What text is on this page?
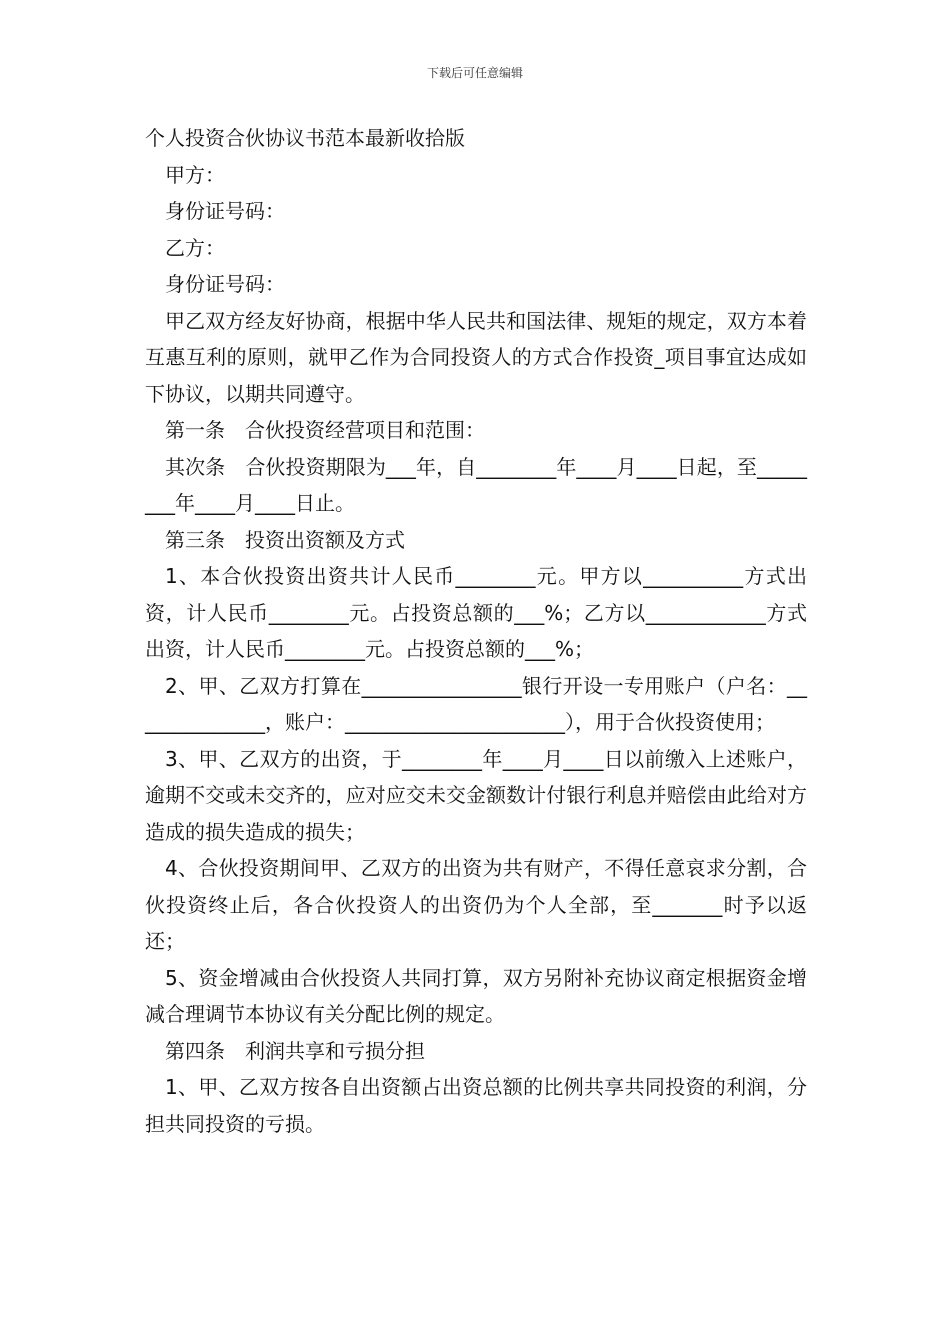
下载后可任意编辑
个人投资合伙协议书范本最新收拾版

甲方：

身份证号码：

乙方：

身份证号码：

甲乙双方经友好协商，根据中华人民共和国法律、规矩的规定，双方本着互惠互利的原则，就甲乙作为合同投资人的方式合作投资_项目事宜达成如下协议，以期共同遵守。

第一条　合伙投资经营项目和范围：

其次条　合伙投资期限为___年，自________年____月____日起，至________年____月____日止。

第三条　投资出资额及方式

1、本合伙投资出资共计人民币________元。甲方以__________方式出资，计人民币________元。占投资总额的___%；乙方以____________方式出资，计人民币________元。占投资总额的___%；

2、甲、乙双方打算在________________银行开设一专用账户（户名：______________，账户：______________________），用于合伙投资使用；

3、甲、乙双方的出资，于________年____月____日以前缴入上述账户，逾期不交或未交齐的，应对应交未交金额数计付银行利息并赔偿由此给对方造成的损失造成的损失；

4、合伙投资期间甲、乙双方的出资为共有财产，不得任意哀求分割，合伙投资终止后，各合伙投资人的出资仍为个人全部，至_______时予以返还；

5、资金增减由合伙投资人共同打算，双方另附补充协议商定根据资金增减合理调节本协议有关分配比例的规定。

第四条　利润共享和亏损分担

1、甲、乙双方按各自出资额占出资总额的比例共享共同投资的利润，分担共同投资的亏损。
